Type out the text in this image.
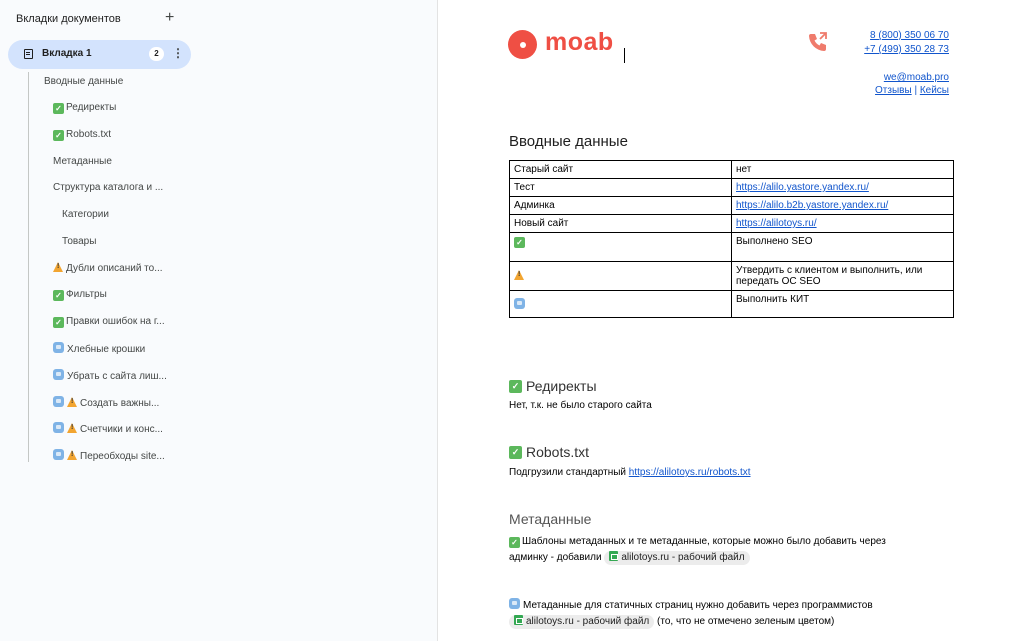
Вкладки документов	+
Вкладка 1	2	⋮
Вводные данные
✓ Редиректы
✓ Robots.txt
Метаданные
Структура каталога и ...
Категории
Товары
!Дубли описаний то...
✓ Фильтры
✓ Правки ошибок на г...
Хлебные крошки
Убрать с сайта лиш...
!Создать важны...
!Счетчики и конс...
!Переобходы site...
moab	8 (800) 350 06 70
+7 (499) 350 28 73
we@moab.pro
Отзывы | Кейсы
Вводные данные
Старый сайт	нет
Тест	https://alilo.yastore.yandex.ru/
Админка	https://alilo.b2b.yastore.yandex.ru/
Новый сайт	https://alilotoys.ru/
✓	Выполнено SEO
!	Утвердить с клиентом и выполнить, или передать ОС SEO
	Выполнить КИТ
✓ Редиректы
Нет, т.к. не было старого сайта
✓ Robots.txt
Подгрузили стандартный https://alilotoys.ru/robots.txt
Метаданные
✓ Шаблоны метаданных и те метаданные, которые можно было добавить через
админку - добавили alilotoys.ru - рабочий файл
Метаданные для статичных страниц нужно добавить через программистов
alilotoys.ru - рабочий файл (то, что не отмечено зеленым цветом)
